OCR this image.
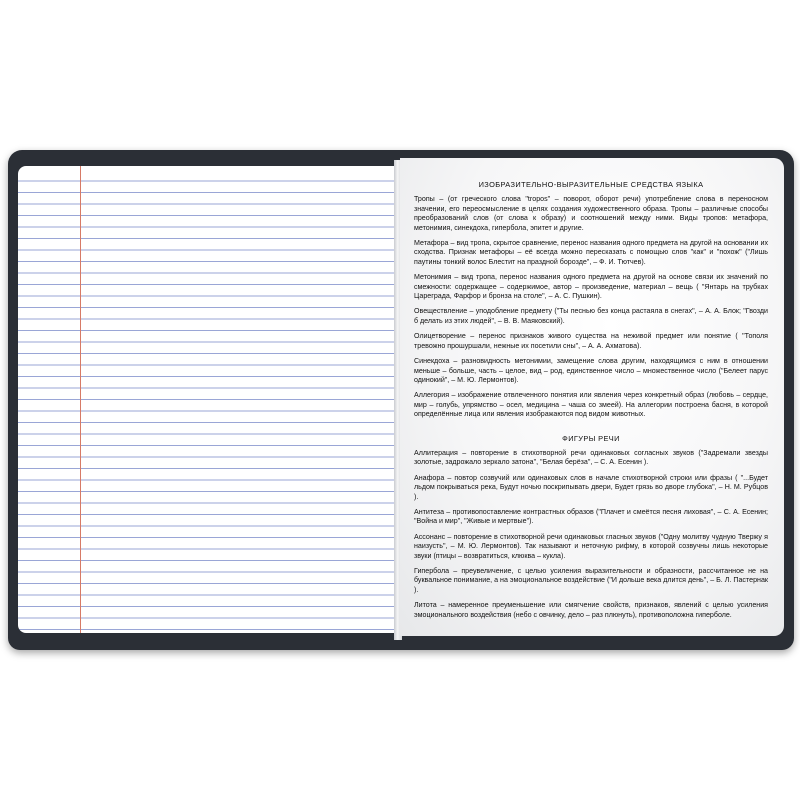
ИЗОБРАЗИТЕЛЬНО-ВЫРАЗИТЕЛЬНЫЕ СРЕДСТВА ЯЗЫКА

Тропы – (от греческого слова "tropos" – поворот, оборот речи) употребление слова в переносном значении, его переосмысление в целях создания художественного образа. Тропы – различные способы преобразований слов (от слова к образу) и соотношений между ними. Виды тропов: метафора, метонимия, синекдоха, гипербола, эпитет и другие.

Метафора – вид тропа, скрытое сравнение, перенос названия одного предмета на другой на основании их сходства. Признак метафоры – её всегда можно пересказать с помощью слов "как" и "похож" ("Лишь паутины тонкий волос Блестит на праздной бороздe", – Ф. И. Тютчев).

Метонимия – вид тропа, перенос названия одного предмета на другой на основе связи их значений по смежности: содержащее – содержимое, автор – произведение, материал – вещь ( "Янтарь на трубках Цареграда, Фарфор и бронза на столе", – А. С. Пушкин).

Овеществление – уподобление предмету ("Ты песнью без конца растаяла в снегах", – А. А. Блок; "Гвозди б делать из этих людей", – В. В. Маяковский).

Олицетворение – перенос признаков живого существа на неживой предмет или понятие ( "Тополя тревожно прошуршали, нежные их посетили сны", – А. А. Ахматова).

Синекдоха – разновидность метонимии, замещение слова другим, находящимся с ним в отношении меньше – больше, часть – целое, вид – род, единственное число – множественное число ("Белеет парус одинокий", – М. Ю. Лермонтов).

Аллегория – изображение отвлеченного понятия или явления через конкретный образ (любовь – сердце, мир – голубь, упрямство – осел, медицина – чаша со змеей). На аллегории построена басня, в которой определённые лица или явления изображаются под видом животных.

ФИГУРЫ РЕЧИ

Аллитерация – повторение в стихотворной речи одинаковых согласных звуков ("Задремали звезды золотые, задрожало зеркало затона", "Белая берёза", – С. А. Есенин ).

Анафора – повтор созвучий или одинаковых слов в начале стихотворной строки или фразы ( "...Будет льдом покрываться река, Будут ночью поскрипывать двери, Будет грязь во дворе глубока", – Н. М. Рубцов ).

Антитеза – противопоставление контрастных образов ("Плачет и смеётся песня лиховая", – С. А. Есенин; "Война и мир", "Живые и мертвые").

Ассонанс – повторение в стихотворной речи одинаковых гласных звуков ("Одну молитву чудную Твержу я наизусть", – М. Ю. Лермонтов). Так называют и неточную рифму, в которой созвучны лишь некоторые звуки (птицы – возвратиться, клюква – кукла).

Гипербола – преувеличение, с целью усиления выразительности и образности, рассчитанное не на буквальное понимание, а на эмоциональное воздействие ("И дольше века длится день", – Б. Л. Пастернак ).

Литота – намеренное преуменьшение или смягчение свойств, признаков, явлений с целью усиления эмоционального воздействия (небо с овчинку, дело – раз плюнуть), противоположна гиперболе.
